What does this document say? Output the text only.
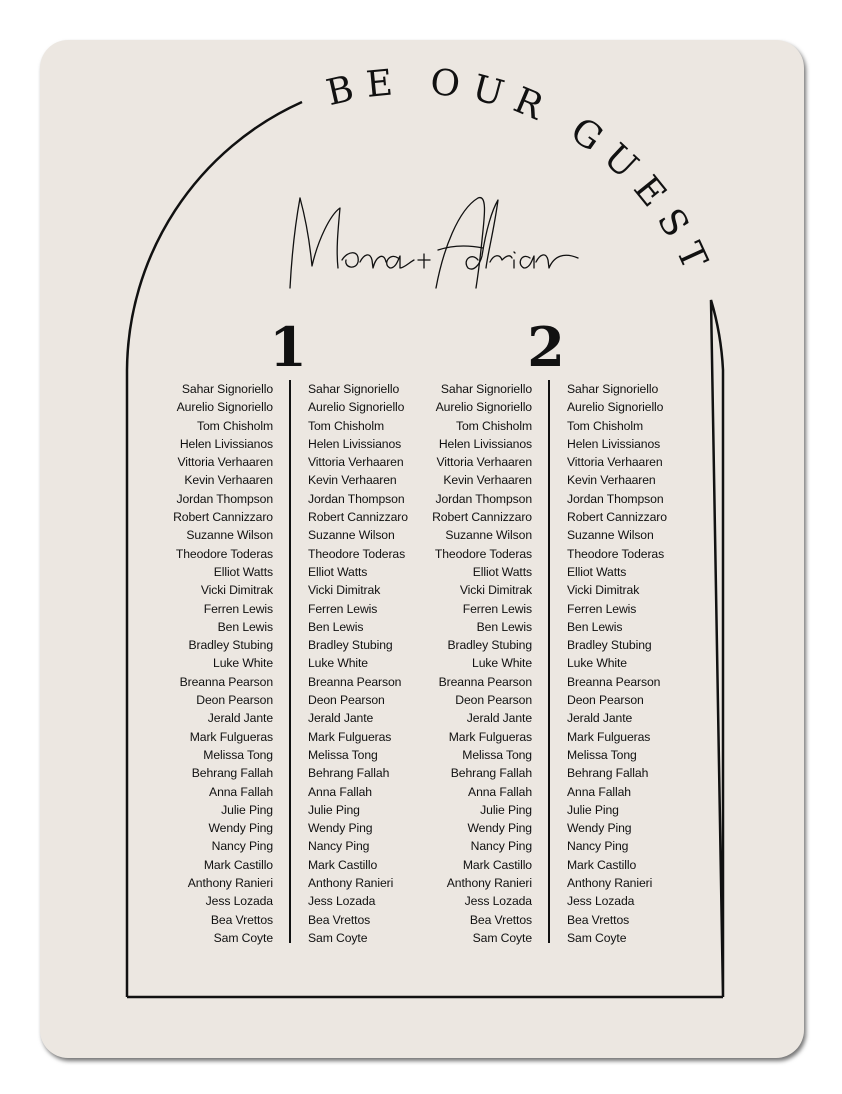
BE OUR GUEST
1	2
Sahar Signoriello
Aurelio Signoriello
Tom Chisholm
Helen Livissianos
Vittoria Verhaaren
Kevin Verhaaren
Jordan Thompson
Robert Cannizzaro
Suzanne Wilson
Theodore Toderas
Elliot Watts
Vicki Dimitrak
Ferren Lewis
Ben Lewis
Bradley Stubing
Luke White
Breanna Pearson
Deon Pearson
Jerald Jante
Mark Fulgueras
Melissa Tong
Behrang Fallah
Anna Fallah
Julie Ping
Wendy Ping
Nancy Ping
Mark Castillo
Anthony Ranieri
Jess Lozada
Bea Vrettos
Sam Coyte
Sahar Signoriello
Aurelio Signoriello
Tom Chisholm
Helen Livissianos
Vittoria Verhaaren
Kevin Verhaaren
Jordan Thompson
Robert Cannizzaro
Suzanne Wilson
Theodore Toderas
Elliot Watts
Vicki Dimitrak
Ferren Lewis
Ben Lewis
Bradley Stubing
Luke White
Breanna Pearson
Deon Pearson
Jerald Jante
Mark Fulgueras
Melissa Tong
Behrang Fallah
Anna Fallah
Julie Ping
Wendy Ping
Nancy Ping
Mark Castillo
Anthony Ranieri
Jess Lozada
Bea Vrettos
Sam Coyte
Sahar Signoriello
Aurelio Signoriello
Tom Chisholm
Helen Livissianos
Vittoria Verhaaren
Kevin Verhaaren
Jordan Thompson
Robert Cannizzaro
Suzanne Wilson
Theodore Toderas
Elliot Watts
Vicki Dimitrak
Ferren Lewis
Ben Lewis
Bradley Stubing
Luke White
Breanna Pearson
Deon Pearson
Jerald Jante
Mark Fulgueras
Melissa Tong
Behrang Fallah
Anna Fallah
Julie Ping
Wendy Ping
Nancy Ping
Mark Castillo
Anthony Ranieri
Jess Lozada
Bea Vrettos
Sam Coyte
Sahar Signoriello
Aurelio Signoriello
Tom Chisholm
Helen Livissianos
Vittoria Verhaaren
Kevin Verhaaren
Jordan Thompson
Robert Cannizzaro
Suzanne Wilson
Theodore Toderas
Elliot Watts
Vicki Dimitrak
Ferren Lewis
Ben Lewis
Bradley Stubing
Luke White
Breanna Pearson
Deon Pearson
Jerald Jante
Mark Fulgueras
Melissa Tong
Behrang Fallah
Anna Fallah
Julie Ping
Wendy Ping
Nancy Ping
Mark Castillo
Anthony Ranieri
Jess Lozada
Bea Vrettos
Sam Coyte
